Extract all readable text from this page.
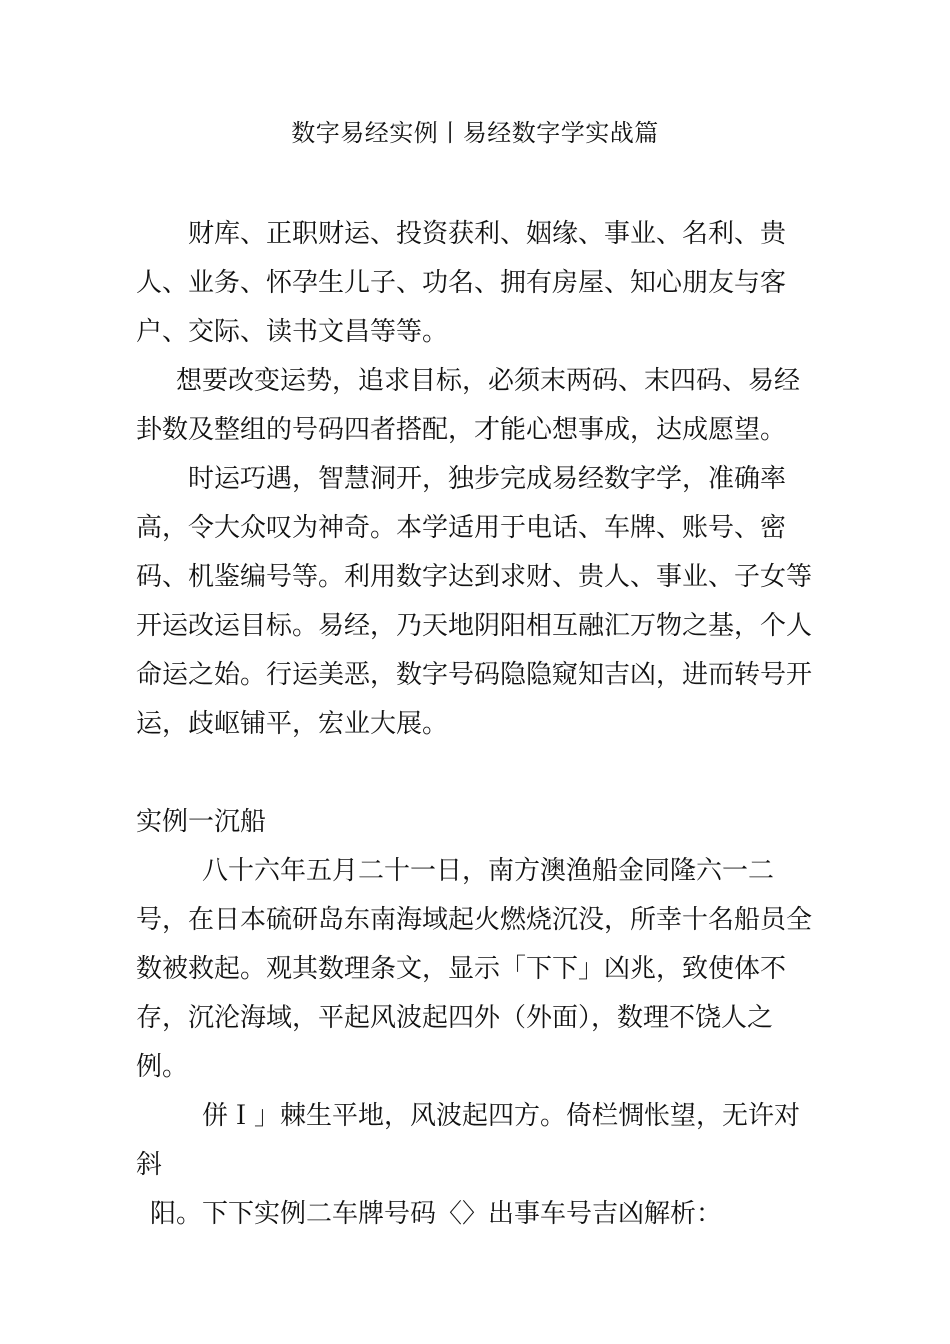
数字易经实例丨易经数字学实战篇

财库、正职财运、投资获利、姻缘、事业、名利、贵人、业务、怀孕生儿子、功名、拥有房屋、知心朋友与客户、交际、读书文昌等等。

想要改变运势，追求目标，必须末两码、末四码、易经卦数及整组的号码四者搭配，才能心想事成，达成愿望。

时运巧遇，智慧洞开，独步完成易经数字学，准确率高，令大众叹为神奇。本学适用于电话、车牌、账号、密码、机鉴编号等。利用数字达到求财、贵人、事业、子女等开运改运目标。易经，乃天地阴阳相互融汇万物之基，个人命运之始。行运美恶，数字号码隐隐窥知吉凶，进而转号开运，歧岖铺平，宏业大展。

实例一沉船

八十六年五月二十一日，南方澳渔船金同隆六一二号，在日本硫研岛东南海域起火燃烧沉没，所幸十名船员全数被救起。观其数理条文，显示「下下」凶兆，致使体不存，沉沦海域，平起风波起四外（外面），数理不饶人之例。

併Ｉ」棘生平地，风波起四方。倚栏惆怅望，无许对斜

阳。下下实例二车牌号码〈〉出事车号吉凶解析：
